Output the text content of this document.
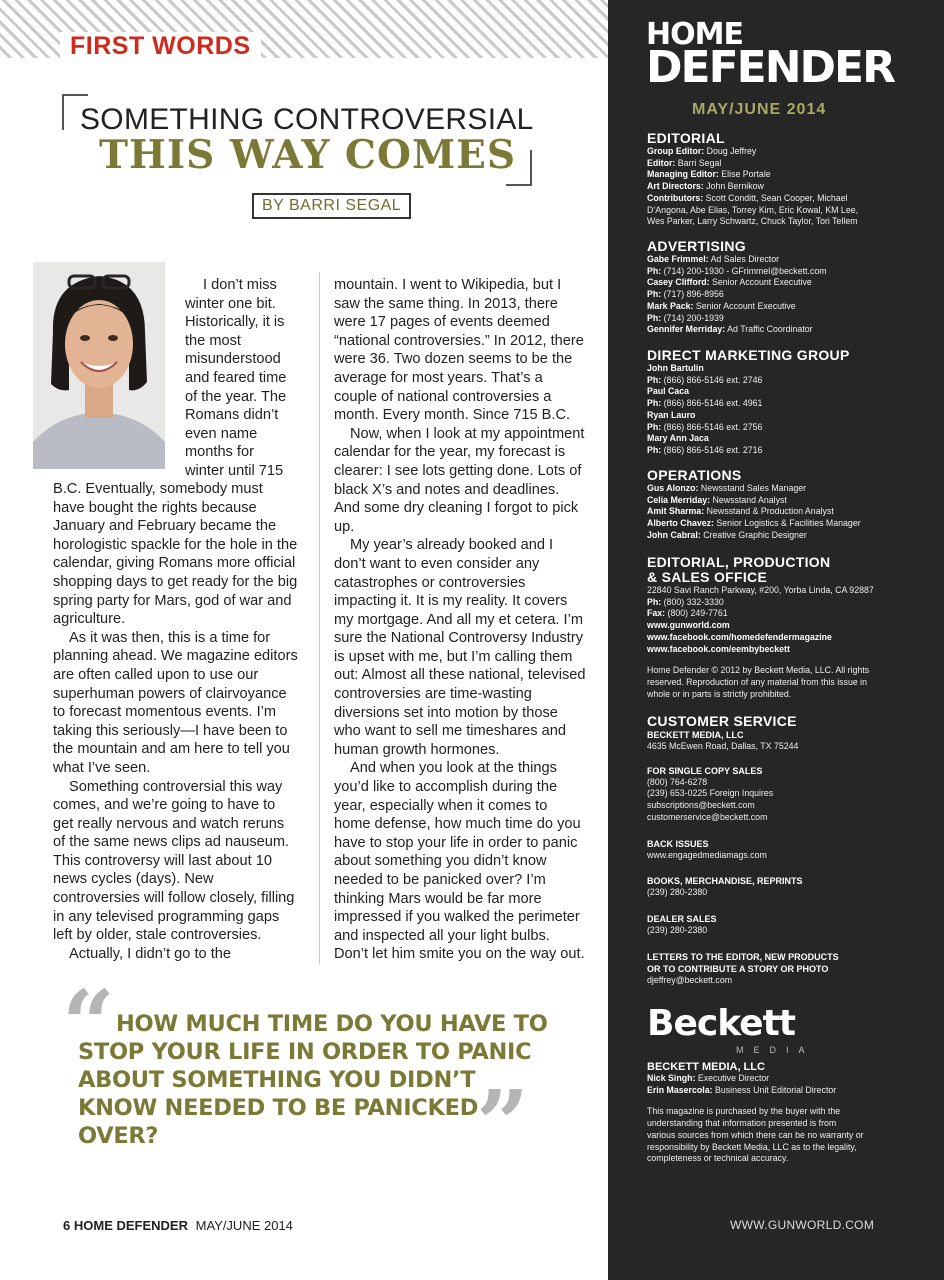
FIRST WORDS
SOMETHING CONTROVERSIAL
THIS WAY COMES
BY BARRI SEGAL

I don’t miss winter one bit. Historically, it is the most misunderstood and feared time of the year. The Romans didn’t even name months for winter until 715

B.C. Eventually, somebody must have bought the rights because January and February became the horologistic spackle for the hole in the calendar, giving Romans more official shopping days to get ready for the big spring party for Mars, god of war and agriculture.

As it was then, this is a time for planning ahead. We magazine editors are often called upon to use our superhuman powers of clairvoyance to forecast momentous events. I’m taking this seriously—I have been to the mountain and am here to tell you what I’ve seen.

Something controversial this way comes, and we’re going to have to get really nervous and watch reruns of the same news clips ad nauseum. This controversy will last about 10 news cycles (days). New controversies will follow closely, filling in any televised programming gaps left by older, stale controversies.

Actually, I didn’t go to the

mountain. I went to Wikipedia, but I saw the same thing. In 2013, there were 17 pages of events deemed “national controversies.” In 2012, there were 36. Two dozen seems to be the average for most years. That’s a couple of national controversies a month. Every month. Since 715 B.C.

Now, when I look at my appointment calendar for the year, my forecast is clearer: I see lots getting done. Lots of black X’s and notes and deadlines. And some dry cleaning I forgot to pick up.

My year’s already booked and I don’t want to even consider any catastrophes or controversies impacting it. It is my reality. It covers my mortgage. And all my et cetera. I’m sure the National Controversy Industry is upset with me, but I’m calling them out: Almost all these national, televised controversies are time-wasting diversions set into motion by those who want to sell me timeshares and human growth hormones.

And when you look at the things you’d like to accomplish during the year, especially when it comes to home defense, how much time do you have to stop your life in order to panic about something you didn’t know needed to be panicked over? I’m thinking Mars would be far more impressed if you walked the perimeter and inspected all your light bulbs. Don’t let him smite you on the way out.

“ HOW MUCH TIME DO YOU HAVE TO STOP YOUR LIFE IN ORDER TO PANIC ABOUT SOMETHING YOU DIDN’T KNOW NEEDED TO BE PANICKED OVER?	”
6 HOME DEFENDER MAY/JUNE 2014
HOME
DEFENDER
MAY/JUNE 2014
EDITORIAL
Group Editor: Doug Jeffrey
Editor: Barri Segal
Managing Editor: Elise Portale
Art Directors: John Bernikow
Contributors: Scott Conditt, Sean Cooper, Michael
D’Angona, Abe Elias, Torrey Kim, Eric Kowal, KM Lee,
Wes Parker, Larry Schwartz, Chuck Taylor, Tori Tellem
ADVERTISING
Gabe Frimmel: Ad Sales Director
Ph: (714) 200-1930 - GFrimmel@beckett.com
Casey Clifford: Senior Account Executive
Ph: (717) 896-8956
Mark Pack: Senior Account Executive
Ph: (714) 200-1939
Gennifer Merriday: Ad Traffic Coordinator
DIRECT MARKETING GROUP
John Bartulin
Ph: (866) 866-5146 ext. 2746
Paul Caca
Ph: (866) 866-5146 ext. 4961
Ryan Lauro
Ph: (866) 866-5146 ext. 2756
Mary Ann Jaca
Ph: (866) 866-5146 ext. 2716
OPERATIONS
Gus Alonzo: Newsstand Sales Manager
Celia Merriday: Newsstand Analyst
Amit Sharma: Newsstand & Production Analyst
Alberto Chavez: Senior Logistics & Facilities Manager
John Cabral: Creative Graphic Designer
EDITORIAL, PRODUCTION
& SALES OFFICE
22840 Savi Ranch Parkway, #200, Yorba Linda, CA 92887
Ph: (800) 332-3330
Fax: (800) 249-7761
www.gunworld.com
www.facebook.com/homedefendermagazine
www.facebook.com/eembybeckett
Home Defender © 2012 by Beckett Media, LLC. All rights
reserved. Reproduction of any material from this issue in
whole or in parts is strictly prohibited.
CUSTOMER SERVICE
BECKETT MEDIA, LLC
4635 McEwen Road, Dallas, TX 75244
FOR SINGLE COPY SALES
(800) 764-6278
(239) 653-0225 Foreign Inquires
subscriptions@beckett.com
customerservice@beckett.com
BACK ISSUES
www.engagedmediamags.com
BOOKS, MERCHANDISE, REPRINTS
(239) 280-2380
DEALER SALES
(239) 280-2380
LETTERS TO THE EDITOR, NEW PRODUCTS
OR TO CONTRIBUTE A STORY OR PHOTO
djeffrey@beckett.com
Beckett
MEDIA
BECKETT MEDIA, LLC
Nick Singh: Executive Director
Erin Masercola: Business Unit Editorial Director
This magazine is purchased by the buyer with the
understanding that information presented is from
various sources from which there can be no warranty or
responsibility by Beckett Media, LLC as to the legality,
completeness or technical accuracy.
WWW.GUNWORLD.COM
